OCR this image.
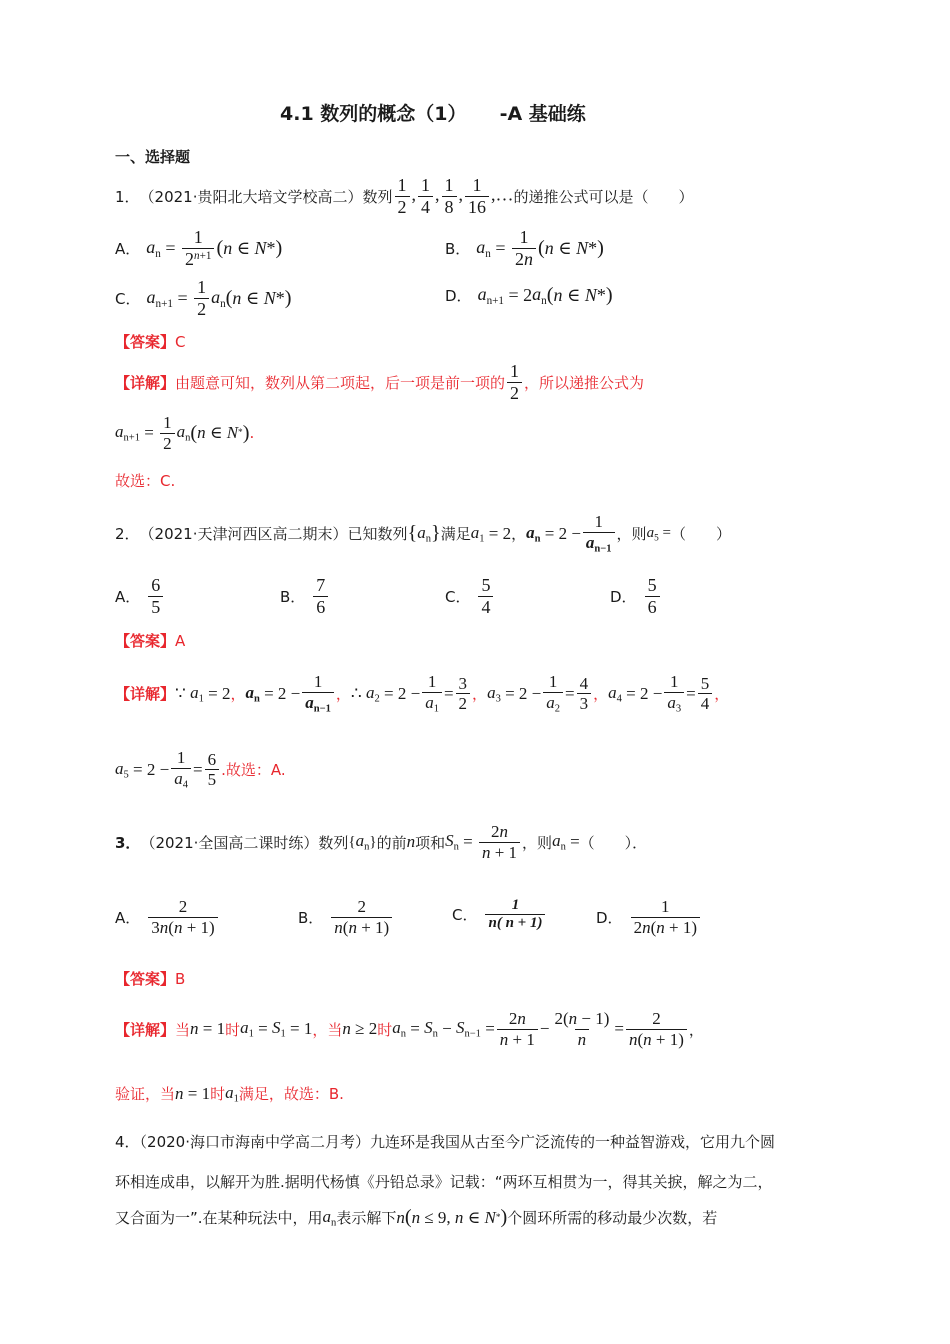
4.1 数列的概念（1）     -A 基础练
一、选择题
1． （2021·贵阳北大培文学校高二）数列 $\frac{1}{2}$ , $\frac{1}{4}$ , $\frac{1}{8}$ , $\frac{1}{16}$ ,… 的递推公式可以是（　　）
A． $a_n = \frac{1}{2^{n+1}}$ ( n ∈ N * )	B． $a_n = \frac{1}{2n}$ ( n ∈ N * )
C． $a_{n+1} = \frac{1}{2} a_n$ ( n ∈ N * )	D． $a_{n+1} = 2$ $a_n$ ( n ∈ N * )
【答案】C
【详解】 由题意可知，数列从第二项起，后一项是前一项的 $\frac{1}{2}$ ，所以递推公式为
$a_{n+1} = \frac{1}{2} a_n$ ( n ∈ N * ) .
故选：C.
2． （2021·天津河西区高二期末）已知数列 { $a_n$ } 满足 $a_1 = 2$ ， $a_n = 2 - \frac{1}{a_{n-1}}$ ，则 $a_5$ = （　　）
A． $\frac{6}{5}$	B． $\frac{7}{6}$	C． $\frac{5}{4}$	D． $\frac{5}{6}$
【答案】A
【详解】 ∵ $a_1 = 2$ ， $a_n = 2 - \frac{1}{a_{n-1}}$ ， ∴ $a_2 = 2 - \frac{1}{a_1} = \frac{3}{2}$ ， $a_3 = 2 - \frac{1}{a_2} = \frac{4}{3}$ ， $a_4 = 2 - \frac{1}{a_3} = \frac{5}{4}$ ，
$a_5 = 2 - \frac{1}{a_4} = \frac{6}{5}$ .故选：A.
3． （2021·全国高二课时练）数列 { $a_n$ } 的前 n 项和 $S_n = \frac{2n}{n + 1}$ ，则 $a_n$ = （　　）．
A． $\frac{2}{3n(n + 1)}$	B． $\frac{2}{n(n + 1)}$	C． $\frac{1}{n( n + 1)}$	D． $\frac{1}{2n(n + 1)}$
【答案】B
【详解】 当 n = 1 时 $a_1 = S_1 = 1$ ，当 n ≥ 2 时 $a_n = S_n - S_{n-1} = \frac{2n}{n + 1} - \frac{2(n - 1)}{n} = \frac{2}{n(n + 1)}$ ，
验证，当 n = 1 时 $a_1$ 满足，故选：B.
4．（2020·海口市海南中学高二月考）九连环是我国从古至今广泛流传的一种益智游戏，它用九个圆
环相连成串，以解开为胜.据明代杨慎《丹铅总录》记载：“两环互相贯为一，得其关捩，解之为二，
又合面为一”.在某种玩法中，用 $a_n$ 表示解下 n ( n ≤ 9, n ∈ N * ) 个圆环所需的移动最少次数，若
